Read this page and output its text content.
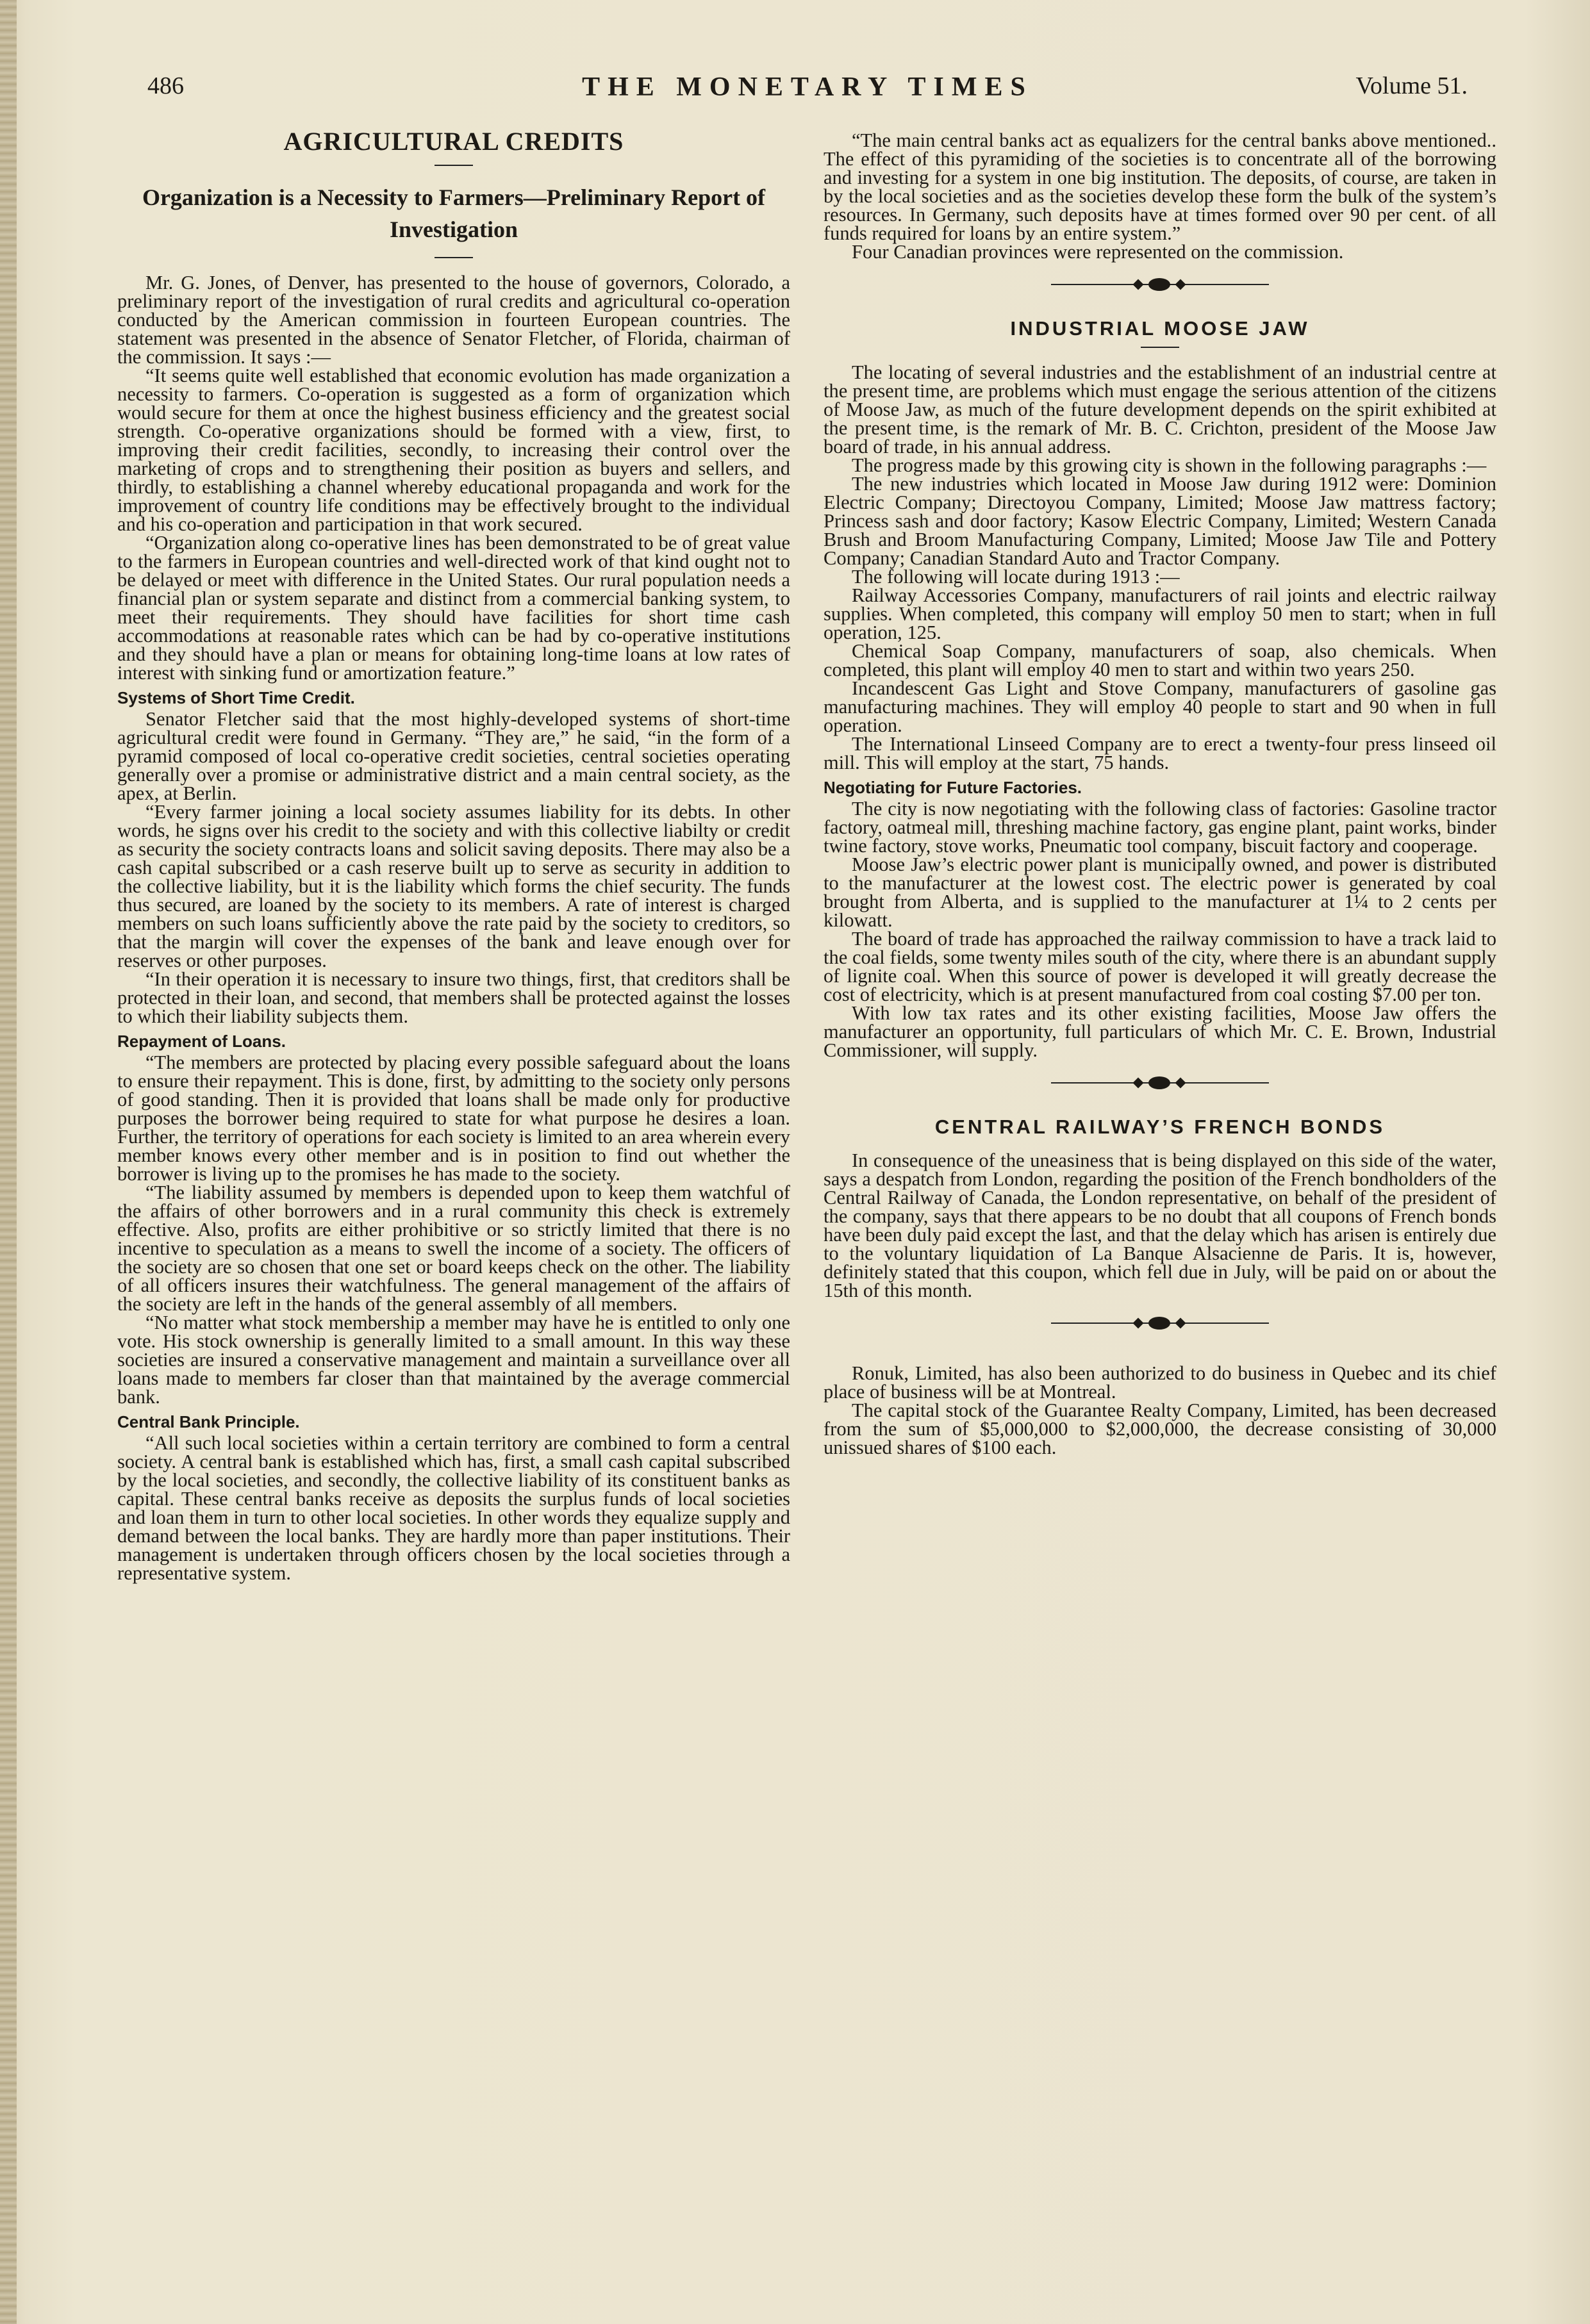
486	THE MONETARY TIMES	Volume 51.
AGRICULTURAL CREDITS
Organization is a Necessity to Farmers—Preliminary Report of Investigation

Mr. G. Jones, of Denver, has presented to the house of governors, Colorado, a preliminary report of the investigation of rural credits and agricultural co-operation conducted by the American commission in fourteen European countries. The statement was presented in the absence of Senator Fletcher, of Florida, chairman of the commission. It says :—

“It seems quite well established that economic evolution has made organization a necessity to farmers. Co-operation is suggested as a form of organization which would secure for them at once the highest business efficiency and the greatest social strength. Co-operative organizations should be formed with a view, first, to improving their credit facilities, secondly, to increasing their control over the marketing of crops and to strengthening their position as buyers and sellers, and thirdly, to establishing a channel whereby educational propaganda and work for the improvement of country life conditions may be effectively brought to the individual and his co-operation and participation in that work secured.

“Organization along co-operative lines has been demonstrated to be of great value to the farmers in European countries and well-directed work of that kind ought not to be delayed or meet with difference in the United States. Our rural population needs a financial plan or system separate and distinct from a commercial banking system, to meet their requirements. They should have facilities for short time cash accommodations at reasonable rates which can be had by co-operative institutions and they should have a plan or means for obtaining long-time loans at low rates of interest with sinking fund or amortization feature.”

Systems of Short Time Credit.

Senator Fletcher said that the most highly-developed systems of short-time agricultural credit were found in Germany. “They are,” he said, “in the form of a pyramid composed of local co-operative credit societies, central societies operating generally over a promise or administrative district and a main central society, as the apex, at Berlin.

“Every farmer joining a local society assumes liability for its debts. In other words, he signs over his credit to the society and with this collective liabilty or credit as security the society contracts loans and solicit saving deposits. There may also be a cash capital subscribed or a cash reserve built up to serve as security in addition to the collective liability, but it is the liability which forms the chief security. The funds thus secured, are loaned by the society to its members. A rate of interest is charged members on such loans sufficiently above the rate paid by the society to creditors, so that the margin will cover the expenses of the bank and leave enough over for reserves or other purposes.

“In their operation it is necessary to insure two things, first, that creditors shall be protected in their loan, and second, that members shall be protected against the losses to which their liability subjects them.

Repayment of Loans.

“The members are protected by placing every possible safeguard about the loans to ensure their repayment. This is done, first, by admitting to the society only persons of good standing. Then it is provided that loans shall be made only for productive purposes the borrower being required to state for what purpose he desires a loan. Further, the territory of operations for each society is limited to an area wherein every member knows every other member and is in position to find out whether the borrower is living up to the promises he has made to the society.

“The liability assumed by members is depended upon to keep them watchful of the affairs of other borrowers and in a rural community this check is extremely effective. Also, profits are either prohibitive or so strictly limited that there is no incentive to speculation as a means to swell the income of a society. The officers of the society are so chosen that one set or board keeps check on the other. The liability of all officers insures their watchfulness. The general management of the affairs of the society are left in the hands of the general assembly of all members.

“No matter what stock membership a member may have he is entitled to only one vote. His stock ownership is generally limited to a small amount. In this way these societies are insured a conservative management and maintain a surveillance over all loans made to members far closer than that maintained by the average commercial bank.

Central Bank Principle.

“All such local societies within a certain territory are combined to form a central society. A central bank is established which has, first, a small cash capital subscribed by the local societies, and secondly, the collective liability of its constituent banks as capital. These central banks receive as deposits the surplus funds of local societies and loan them in turn to other local societies. In other words they equalize supply and demand between the local banks. They are hardly more than paper institutions. Their management is undertaken through officers chosen by the local societies through a representative system.

“The main central banks act as equalizers for the central banks above mentioned.. The effect of this pyramiding of the societies is to concentrate all of the borrowing and investing for a system in one big institution. The deposits, of course, are taken in by the local societies and as the societies develop these form the bulk of the system’s resources. In Germany, such deposits have at times formed over 90 per cent. of all funds required for loans by an entire system.”

Four Canadian provinces were represented on the commission.

INDUSTRIAL MOOSE JAW

The locating of several industries and the establishment of an industrial centre at the present time, are problems which must engage the serious attention of the citizens of Moose Jaw, as much of the future development depends on the spirit exhibited at the present time, is the remark of Mr. B. C. Crichton, president of the Moose Jaw board of trade, in his annual address.

The progress made by this growing city is shown in the following paragraphs :—

The new industries which located in Moose Jaw during 1912 were: Dominion Electric Company; Directoyou Company, Limited; Moose Jaw mattress factory; Princess sash and door factory; Kasow Electric Company, Limited; Western Canada Brush and Broom Manufacturing Company, Limited; Moose Jaw Tile and Pottery Company; Canadian Standard Auto and Tractor Company.

The following will locate during 1913 :—

Railway Accessories Company, manufacturers of rail joints and electric railway supplies. When completed, this company will employ 50 men to start; when in full operation, 125.

Chemical Soap Company, manufacturers of soap, also chemicals. When completed, this plant will employ 40 men to start and within two years 250.

Incandescent Gas Light and Stove Company, manufacturers of gasoline gas manufacturing machines. They will employ 40 people to start and 90 when in full operation.

The International Linseed Company are to erect a twenty-four press linseed oil mill. This will employ at the start, 75 hands.

Negotiating for Future Factories.

The city is now negotiating with the following class of factories: Gasoline tractor factory, oatmeal mill, threshing machine factory, gas engine plant, paint works, binder twine factory, stove works, Pneumatic tool company, biscuit factory and cooperage.

Moose Jaw’s electric power plant is municipally owned, and power is distributed to the manufacturer at the lowest cost. The electric power is generated by coal brought from Alberta, and is supplied to the manufacturer at 1¼ to 2 cents per kilowatt.

The board of trade has approached the railway commission to have a track laid to the coal fields, some twenty miles south of the city, where there is an abundant supply of lignite coal. When this source of power is developed it will greatly decrease the cost of electricity, which is at present manufactured from coal costing $7.00 per ton.

With low tax rates and its other existing facilities, Moose Jaw offers the manufacturer an opportunity, full particulars of which Mr. C. E. Brown, Industrial Commissioner, will supply.

CENTRAL RAILWAY’S FRENCH BONDS

In consequence of the uneasiness that is being displayed on this side of the water, says a despatch from London, regarding the position of the French bondholders of the Central Railway of Canada, the London representative, on behalf of the president of the company, says that there appears to be no doubt that all coupons of French bonds have been duly paid except the last, and that the delay which has arisen is entirely due to the voluntary liquidation of La Banque Alsacienne de Paris. It is, however, definitely stated that this coupon, which fell due in July, will be paid on or about the 15th of this month.

Ronuk, Limited, has also been authorized to do business in Quebec and its chief place of business will be at Montreal.

The capital stock of the Guarantee Realty Company, Limited, has been decreased from the sum of $5,000,000 to $2,000,000, the decrease consisting of 30,000 unissued shares of $100 each.
